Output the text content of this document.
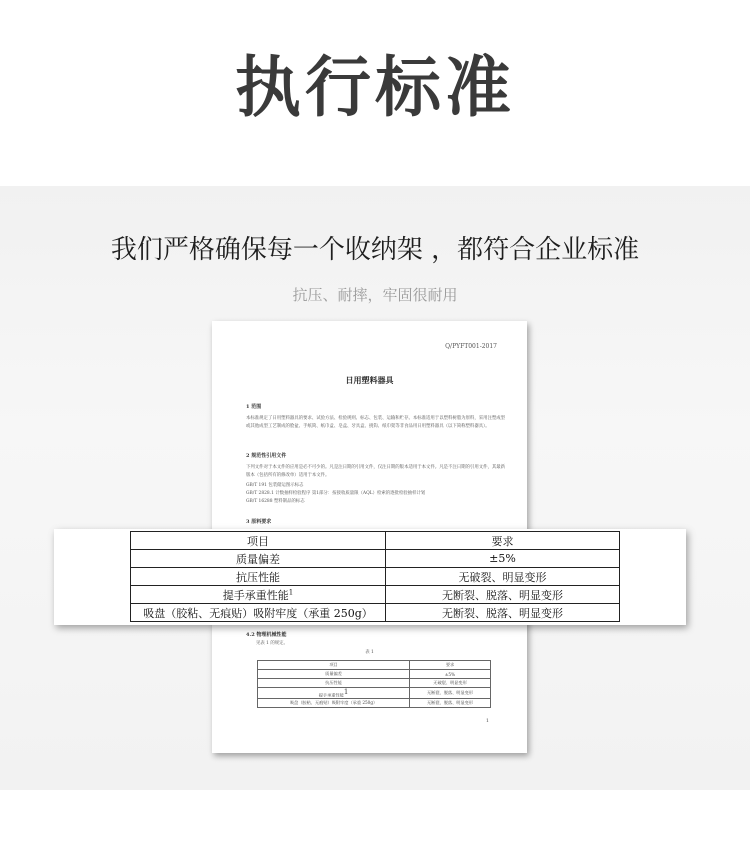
执行标准
我们严格确保每一个收纳架 ，都符合企业标准
抗压、耐摔，牢固很耐用
Q/PYFT001-2017
日用塑料器具
1 范围
本标准规定了日用塑料器具的要求、试验方法、检验规则、标志、包装、运输和贮存。本标准适用于以塑料树脂为原料，采用注塑成型或其他成型工艺制成的脸盆、手纸筒、纸巾盒、皂盒、牙具盒、挑钩、纸巾架等非食品用日用塑料器具（以下简称塑料器具）。
2 规范性引用文件
下列文件对于本文件的应用是必不可少的。凡是注日期的引用文件，仅注日期的版本适用于本文件。凡是不注日期的引用文件，其最新版本（包括所有的修改单）适用于本文件。
GB/T 191 包装储运图示标志
GB/T 2828.1 计数抽样检验程序 第1部分：按接收质量限（AQL）检索的逐批检验抽样计划
GB/T 16288 塑料制品的标志
3 原料要求
4.2 物理机械性能
见表 1 的规定。
表 1
项目	要求
质量偏差	±5%
抗压性能	无破裂、明显变形
提手承重性能$^1$	无断裂、脱落、明显变形
吸盘（胶粘、无痕贴）吸附牢度（承重 250g）	无断裂、脱落、明显变形
1
项目	要求
质量偏差	±5%
抗压性能	无破裂、明显变形
提手承重性能$^1$	无断裂、脱落、明显变形
吸盘（胶粘、无痕贴）吸附牢度（承重 250g）	无断裂、脱落、明显变形
